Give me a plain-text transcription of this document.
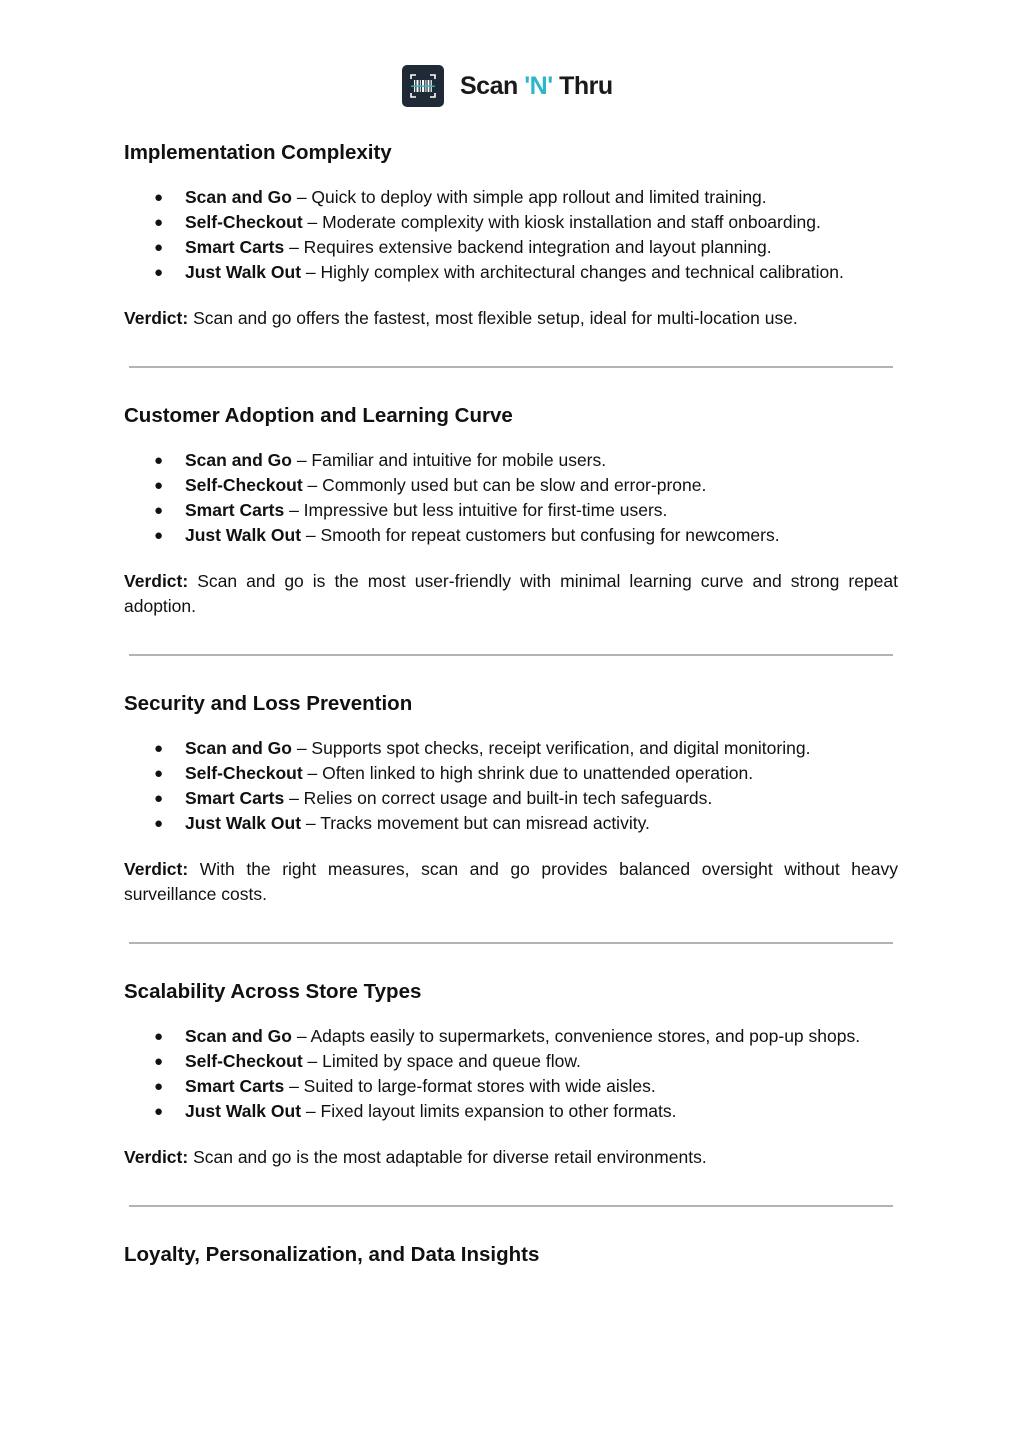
Scan 'N' Thru
Implementation Complexity
● Scan and Go – Quick to deploy with simple app rollout and limited training.
● Self-Checkout – Moderate complexity with kiosk installation and staff onboarding.
● Smart Carts – Requires extensive backend integration and layout planning.
● Just Walk Out – Highly complex with architectural changes and technical calibration.

Verdict: Scan and go offers the fastest, most flexible setup, ideal for multi-location use.

Customer Adoption and Learning Curve
● Scan and Go – Familiar and intuitive for mobile users.
● Self-Checkout – Commonly used but can be slow and error-prone.
● Smart Carts – Impressive but less intuitive for first-time users.
● Just Walk Out – Smooth for repeat customers but confusing for newcomers.

Verdict: Scan and go is the most user-friendly with minimal learning curve and strong repeat adoption.

Security and Loss Prevention
● Scan and Go – Supports spot checks, receipt verification, and digital monitoring.
● Self-Checkout – Often linked to high shrink due to unattended operation.
● Smart Carts – Relies on correct usage and built-in tech safeguards.
● Just Walk Out – Tracks movement but can misread activity.

Verdict: With the right measures, scan and go provides balanced oversight without heavy surveillance costs.

Scalability Across Store Types
● Scan and Go – Adapts easily to supermarkets, convenience stores, and pop-up shops.
● Self-Checkout – Limited by space and queue flow.
● Smart Carts – Suited to large-format stores with wide aisles.
● Just Walk Out – Fixed layout limits expansion to other formats.

Verdict: Scan and go is the most adaptable for diverse retail environments.

Loyalty, Personalization, and Data Insights
